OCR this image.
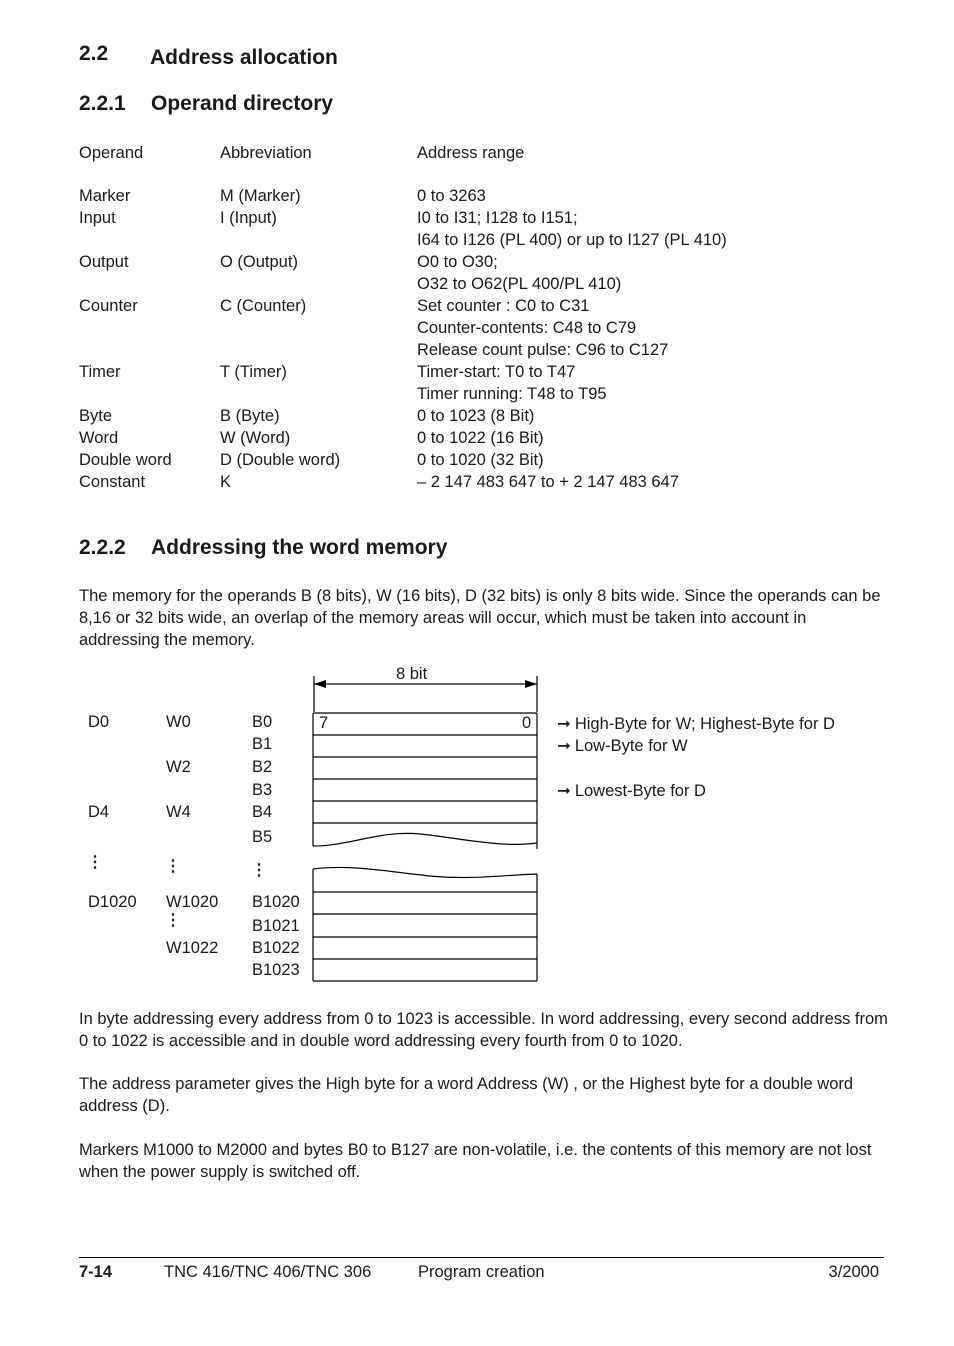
2.2 Address allocation
2.2.1 Operand directory
Operand	Abbreviation	Address range
Marker	M (Marker)	0 to 3263
Input	I (Input)	I0 to I31; I128 to I151;
I64 to I126 (PL 400) or up to I127 (PL 410)
Output	O (Output)	O0 to O30;
O32 to O62(PL 400/PL 410)
Counter	C (Counter)	Set counter : C0 to C31
Counter-contents: C48 to C79
Release count pulse: C96 to C127
Timer	T (Timer)	Timer-start: T0 to T47
Timer running: T48 to T95
Byte	B (Byte)	0 to 1023 (8 Bit)
Word	W (Word)	0 to 1022 (16 Bit)
Double word	D (Double word)	0 to 1020 (32 Bit)
Constant	K	– 2 147 483 647 to + 2 147 483 647
2.2.2 Addressing the word memory
The memory for the operands B (8 bits), W (16 bits), D (32 bits) is only 8 bits wide. Since the operands can be 8,16 or 32 bits wide, an overlap of the memory areas will occur, which must be taken into account in addressing the memory.
8 bit
7	0
D0
D4
⋮
D1020
W0
W2
W4
⋮
W1020
⋮
W1022
B0
B1
B2
B3
B4
B5
⋮
B1020
B1021
B1022
B1023
➞ High-Byte for W; Highest-Byte for D
➞ Low-Byte for W
➞ Lowest-Byte for D
In byte addressing every address from 0 to 1023 is accessible. In word addressing, every second address from 0 to 1022 is accessible and in double word addressing every fourth from 0 to 1020.
The address parameter gives the High byte for a word Address (W) , or the Highest byte for a double word address (D).
Markers M1000 to M2000 and bytes B0 to B127 are non-volatile, i.e. the contents of this memory are not lost when the power supply is switched off.
7-14	TNC 416/TNC 406/TNC 306	Program creation	3/2000
